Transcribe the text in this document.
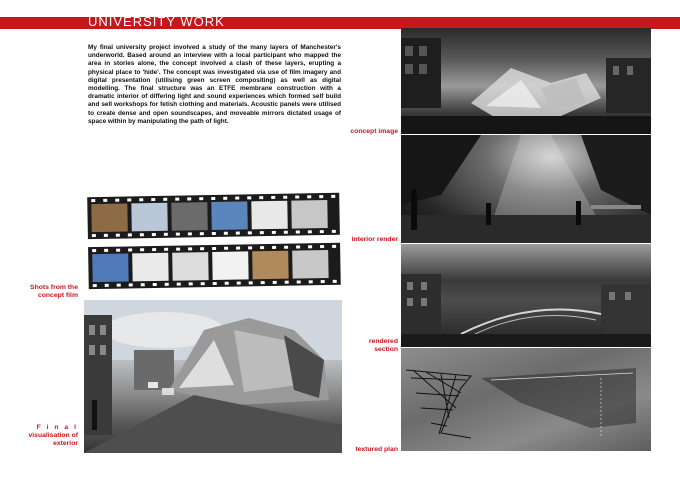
UNIVERSITY WORK

My final university project involved a study of the many layers of Manchester's underworld. Based around an interview with a local participant who mapped the area in stories alone, the concept involved a clash of these layers, erupting a physical place to 'hide'. The concept was investigated via use of film imagery and digital presentation (utilising green screen compositing) as well as digital modelling. The final structure was an ETFE membrane construction with a dramatic interior of differing light and sound experiences which formed self build and sell workshops for fetish clothing and materials. Acoustic panels were utilised to create dense and open soundscapes, and moveable mirrors dictated usage of space within by manipulating the path of light.

concept image
interior render
rendered
section
textured plan
Shots from the
concept film
F i n a l
visualisation of
exterior
